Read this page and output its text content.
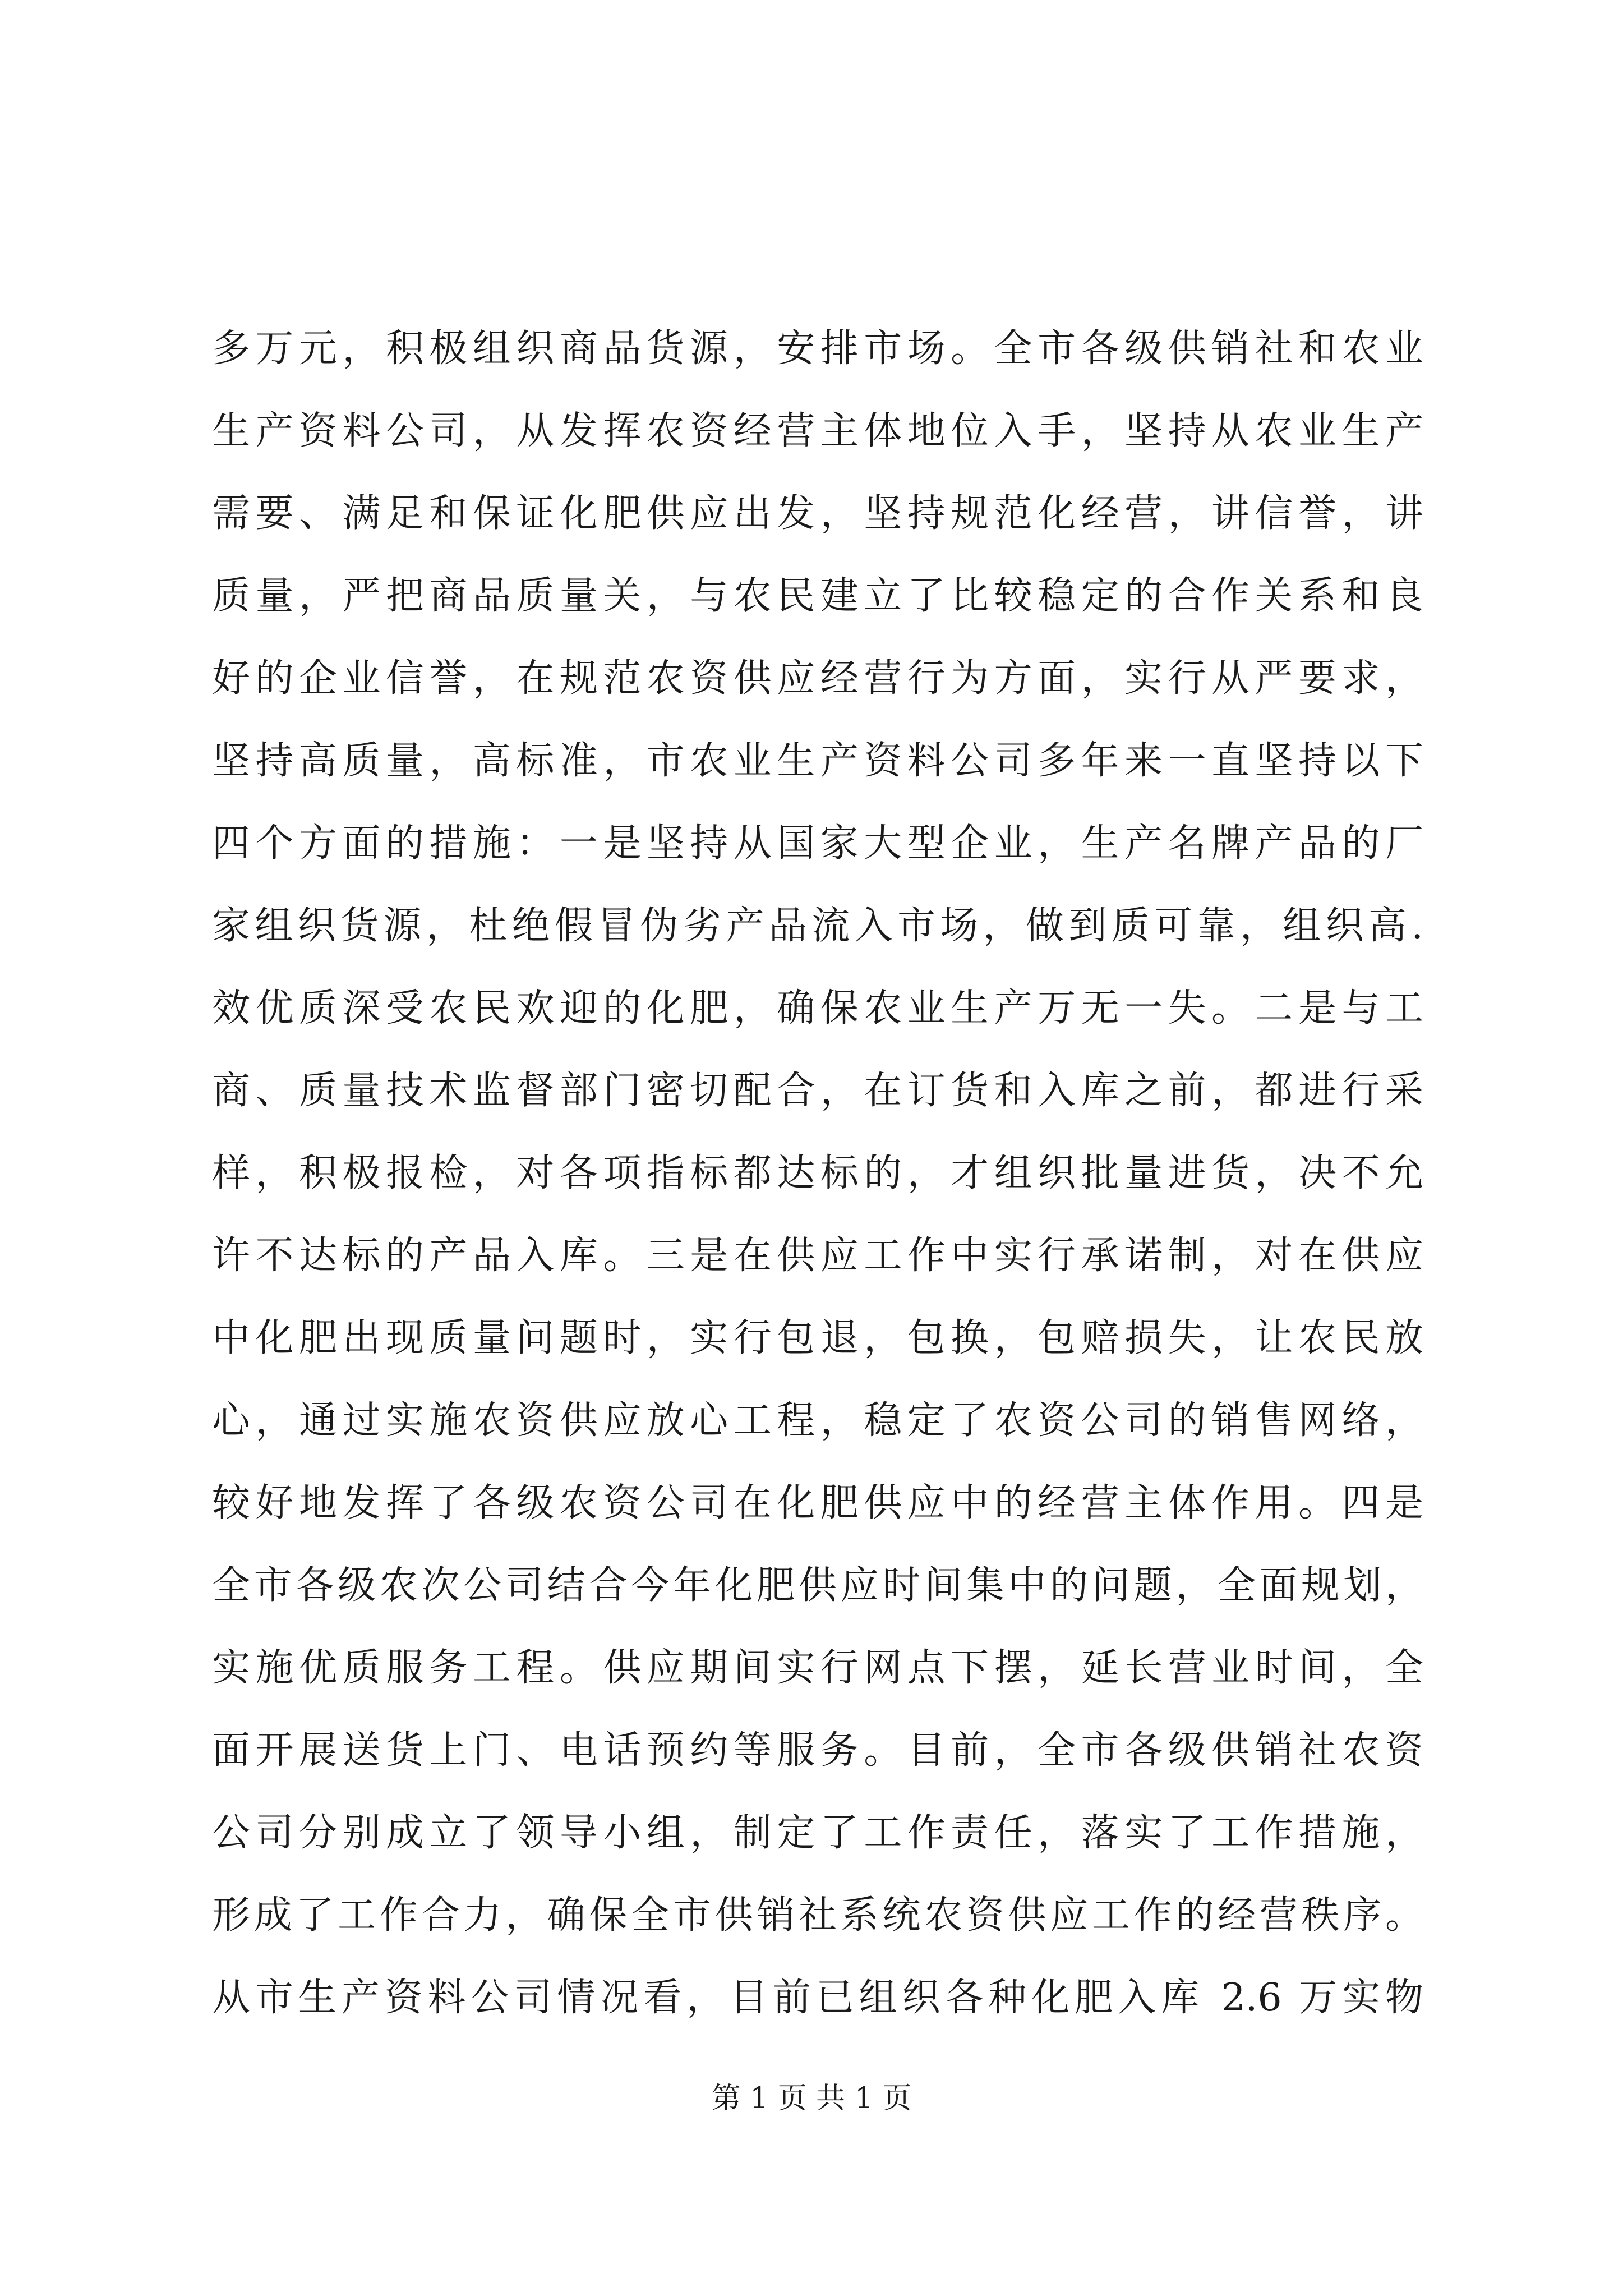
多万元，积极组织商品货源，安排市场。全市各级供销社和农业
生产资料公司，从发挥农资经营主体地位入手，坚持从农业生产
需要、满足和保证化肥供应出发，坚持规范化经营，讲信誉，讲
质量，严把商品质量关，与农民建立了比较稳定的合作关系和良
好的企业信誉，在规范农资供应经营行为方面，实行从严要求，
坚持高质量，高标准，市农业生产资料公司多年来一直坚持以下
四个方面的措施：一是坚持从国家大型企业，生产名牌产品的厂
家组织货源，杜绝假冒伪劣产品流入市场，做到质可靠，组织高.
效优质深受农民欢迎的化肥，确保农业生产万无一失。二是与工
商、质量技术监督部门密切配合，在订货和入库之前，都进行采
样，积极报检，对各项指标都达标的，才组织批量进货，决不允
许不达标的产品入库。三是在供应工作中实行承诺制，对在供应
中化肥出现质量问题时，实行包退，包换，包赔损失，让农民放
心，通过实施农资供应放心工程，稳定了农资公司的销售网络，
较好地发挥了各级农资公司在化肥供应中的经营主体作用。四是
全市各级农次公司结合今年化肥供应时间集中的问题，全面规划，
实施优质服务工程。供应期间实行网点下摆，延长营业时间，全
面开展送货上门、电话预约等服务。目前，全市各级供销社农资
公司分别成立了领导小组，制定了工作责任，落实了工作措施，
形成了工作合力，确保全市供销社系统农资供应工作的经营秩序。
从市生产资料公司情况看，目前已组织各种化肥入库 2.6 万实物
第 1 页 共 1 页
